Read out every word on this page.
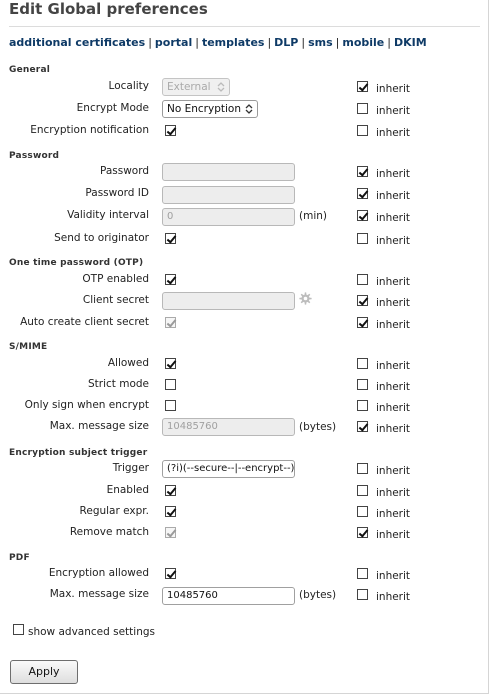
Edit Global preferences
additional certificates | portal | templates | DLP | sms | mobile | DKIM
General
Locality	External	inherit
Encrypt Mode	No Encryption	inherit
Encryption notification	inherit
Password
Password	inherit
Password ID	inherit
Validity interval	0	(min)	inherit
Send to originator	inherit
One time password (OTP)
OTP enabled	inherit
Client secret	inherit
Auto create client secret	inherit
S/MIME
Allowed	inherit
Strict mode	inherit
Only sign when encrypt	inherit
Max. message size	10485760	(bytes)	inherit
Encryption subject trigger
Trigger	(?i)(--secure--|--encrypt--)	inherit
Enabled	inherit
Regular expr.	inherit
Remove match	inherit
PDF
Encryption allowed	inherit
Max. message size	10485760	(bytes)	inherit
show advanced settings
Apply
